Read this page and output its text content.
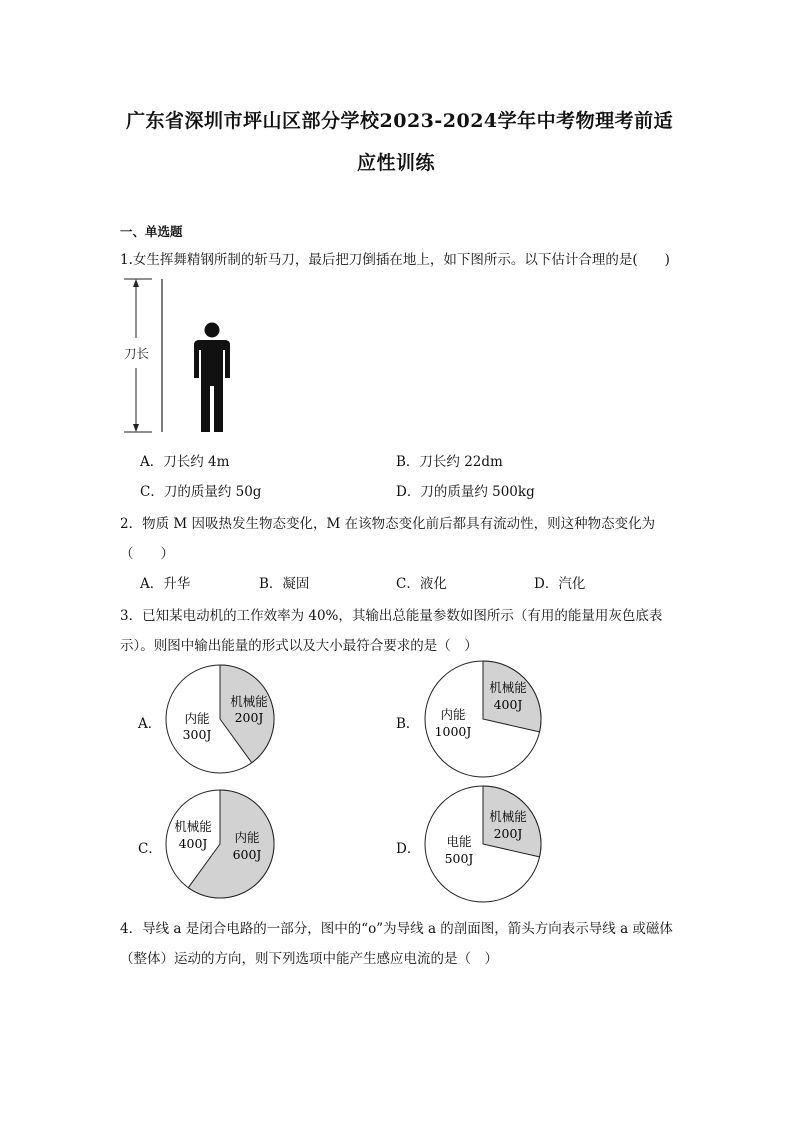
广东省深圳市坪山区部分学校2023-2024学年中考物理考前适
应性训练
一、单选题
1.女生挥舞精钢所制的斩马刀，最后把刀倒插在地上，如下图所示。以下估计合理的是(　　)
刀长
A．刀长约 4m	B．刀长约 22dm
C．刀的质量约 50g	D．刀的质量约 500kg
2．物质 M 因吸热发生物态变化，M 在该物态变化前后都具有流动性，则这种物态变化为
（　　）
A．升华	B．凝固	C．液化	D．汽化
3．已知某电动机的工作效率为 40%，其输出总能量参数如图所示（有用的能量用灰色底表
示）。则图中输出能量的形式以及大小最符合要求的是（　）
A． 内能
300J
机械能
200J	B．
内能
1000J
机械能
400J
C．
机械能
400J 内能
600J	D． 电能
500J
机械能
200J
4．导线 a 是闭合电路的一部分，图中的“o”为导线 a 的剖面图，箭头方向表示导线 a 或磁体
（整体）运动的方向，则下列选项中能产生感应电流的是（　）
